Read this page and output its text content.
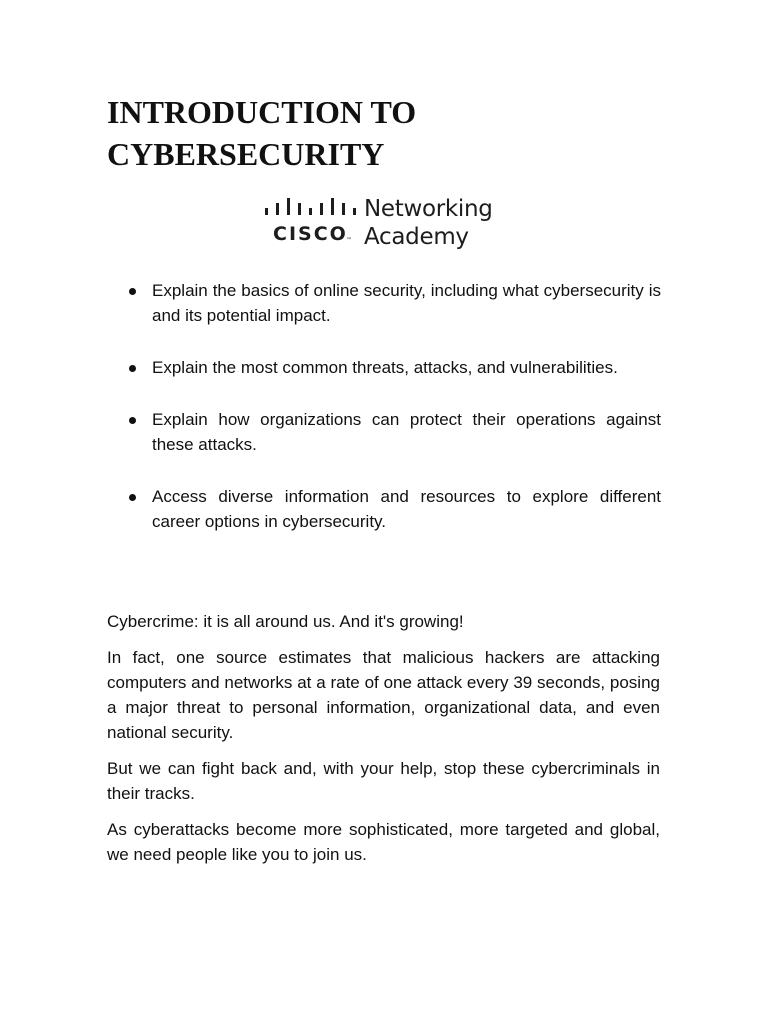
INTRODUCTION TO
CYBERSECURITY
CISCO
™
Networking
Academy
Explain the basics of online security, including what cybersecurity is and its potential impact.
Explain the most common threats, attacks, and vulnerabilities.
Explain how organizations can protect their operations against these attacks.
Access diverse information and resources to explore different career options in cybersecurity.

Cybercrime: it is all around us. And it's growing!

In fact, one source estimates that malicious hackers are attacking computers and networks at a rate of one attack every 39 seconds, posing a major threat to personal information, organizational data, and even national security.

But we can fight back and, with your help, stop these cybercriminals in their tracks.

As cyberattacks become more sophisticated, more targeted and global, we need people like you to join us.
